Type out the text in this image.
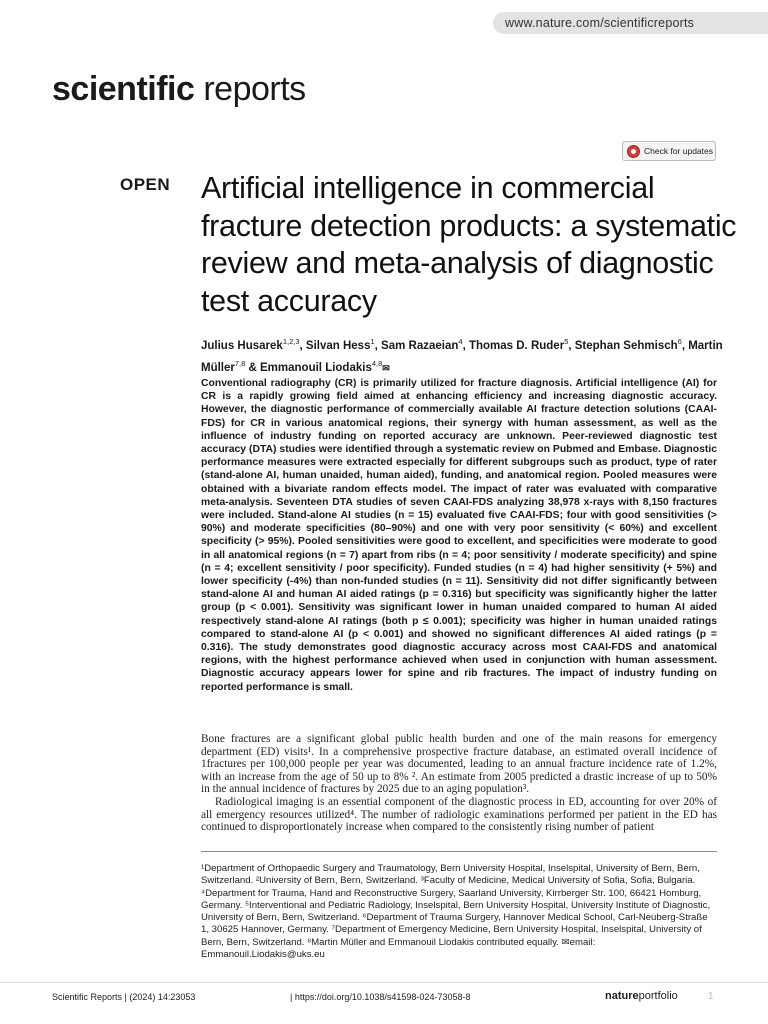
www.nature.com/scientificreports
scientific reports
Check for updates
OPEN Artificial intelligence in commercial fracture detection products: a systematic review and meta-analysis of diagnostic test accuracy
Julius Husarek$^{1,2,3}$, Silvan Hess$^1$, Sam Razaeian$^4$, Thomas D. Ruder$^5$, Stephan Sehmisch$^6$, Martin Müller$^{7,8}$ & Emmanouil Liodakis$^{4,8}$✉

Conventional radiography (CR) is primarily utilized for fracture diagnosis. Artificial intelligence (AI) for CR is a rapidly growing field aimed at enhancing efficiency and increasing diagnostic accuracy. However, the diagnostic performance of commercially available AI fracture detection solutions (CAAI-FDS) for CR in various anatomical regions, their synergy with human assessment, as well as the influence of industry funding on reported accuracy are unknown. Peer-reviewed diagnostic test accuracy (DTA) studies were identified through a systematic review on Pubmed and Embase. Diagnostic performance measures were extracted especially for different subgroups such as product, type of rater (stand-alone AI, human unaided, human aided), funding, and anatomical region. Pooled measures were obtained with a bivariate random effects model. The impact of rater was evaluated with comparative meta-analysis. Seventeen DTA studies of seven CAAI-FDS analyzing 38,978 x-rays with 8,150 fractures were included. Stand-alone AI studies (n = 15) evaluated five CAAI-FDS; four with good sensitivities (> 90%) and moderate specificities (80–90%) and one with very poor sensitivity (< 60%) and excellent specificity (> 95%). Pooled sensitivities were good to excellent, and specificities were moderate to good in all anatomical regions (n = 7) apart from ribs (n = 4; poor sensitivity / moderate specificity) and spine (n = 4; excellent sensitivity / poor specificity). Funded studies (n = 4) had higher sensitivity (+ 5%) and lower specificity (-4%) than non-funded studies (n = 11). Sensitivity did not differ significantly between stand-alone AI and human AI aided ratings (p = 0.316) but specificity was significantly higher the latter group (p < 0.001). Sensitivity was significant lower in human unaided compared to human AI aided respectively stand-alone AI ratings (both p ≤ 0.001); specificity was higher in human unaided ratings compared to stand-alone AI (p < 0.001) and showed no significant differences AI aided ratings (p = 0.316). The study demonstrates good diagnostic accuracy across most CAAI-FDS and anatomical regions, with the highest performance achieved when used in conjunction with human assessment. Diagnostic accuracy appears lower for spine and rib fractures. The impact of industry funding on reported performance is small.

Bone fractures are a significant global public health burden and one of the main reasons for emergency department (ED) visits¹. In a comprehensive prospective fracture database, an estimated overall incidence of 1fractures per 100,000 people per year was documented, leading to an annual fracture incidence rate of 1.2%, with an increase from the age of 50 up to 8% ². An estimate from 2005 predicted a drastic increase of up to 50% in the annual incidence of fractures by 2025 due to an aging population³.

Radiological imaging is an essential component of the diagnostic process in ED, accounting for over 20% of all emergency resources utilized⁴. The number of radiologic examinations performed per patient in the ED has continued to disproportionately increase when compared to the consistently rising number of patient

¹Department of Orthopaedic Surgery and Traumatology, Bern University Hospital, Inselspital, University of Bern, Bern, Switzerland. ²University of Bern, Bern, Switzerland. ³Faculty of Medicine, Medical University of Sofia, Sofia, Bulgaria. ⁴Department for Trauma, Hand and Reconstructive Surgery, Saarland University, Kirrberger Str. 100, 66421 Homburg, Germany. ⁵Interventional and Pediatric Radiology, Inselspital, Bern University Hospital, University Institute of Diagnostic, University of Bern, Bern, Switzerland. ⁶Department of Trauma Surgery, Hannover Medical School, Carl-Neuberg-Straße 1, 30625 Hannover, Germany. ⁷Department of Emergency Medicine, Bern University Hospital, Inselspital, University of Bern, Bern, Switzerland. ⁸Martin Müller and Emmanouil Liodakis contributed equally. ✉email: Emmanouil.Liodakis@uks.eu

Scientific Reports | (2024) 14:23053	| https://doi.org/10.1038/s41598-024-73058-8	natureportfolio	1
